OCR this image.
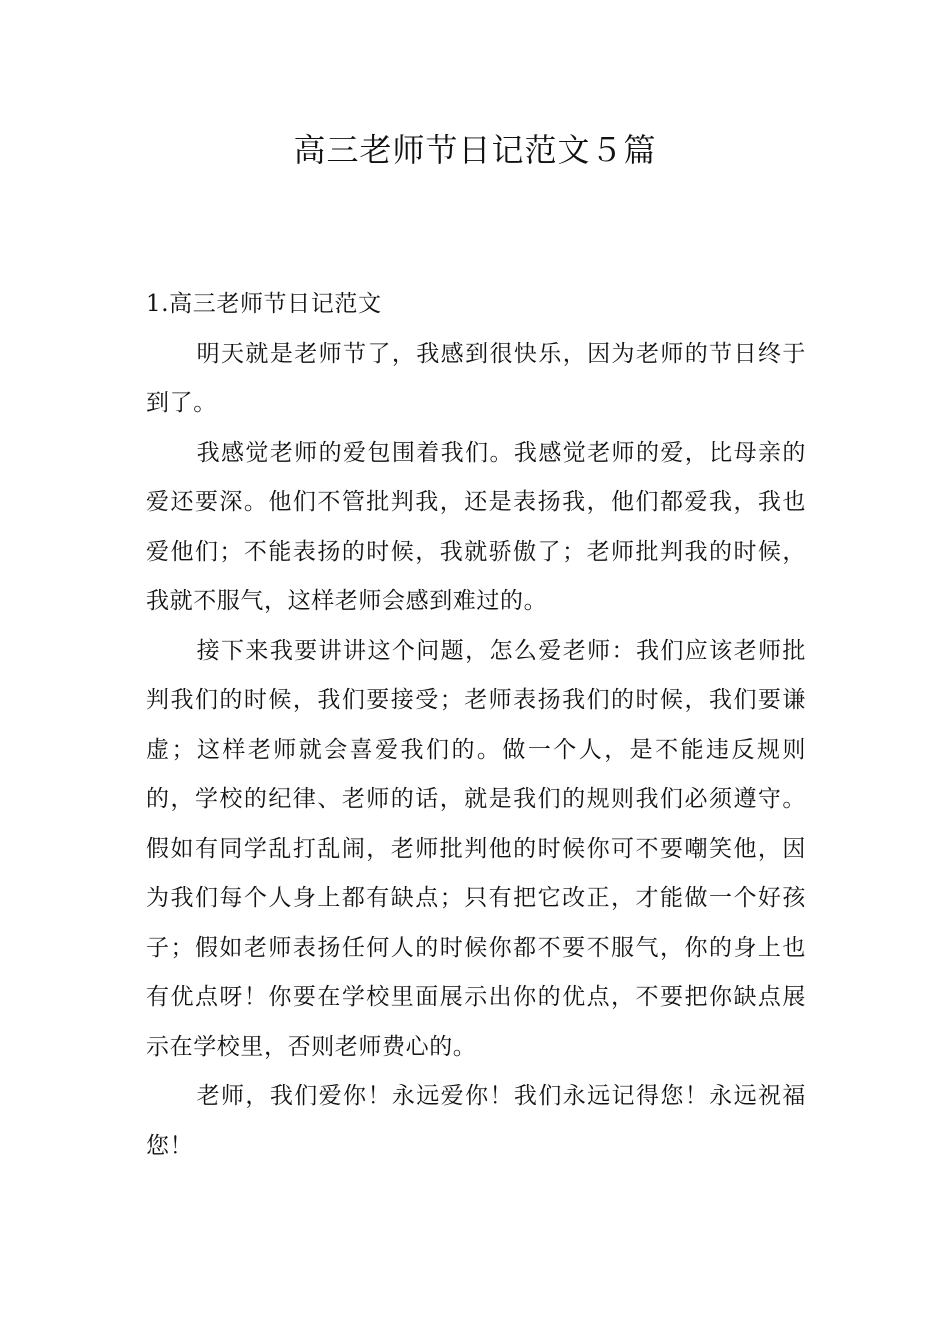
高三老师节日记范文５篇
1.高三老师节日记范文

明天就是老师节了，我感到很快乐，因为老师的节日终于到了。

我感觉老师的爱包围着我们。我感觉老师的爱，比母亲的爱还要深。他们不管批判我，还是表扬我，他们都爱我，我也爱他们；不能表扬的时候，我就骄傲了；老师批判我的时候，我就不服气，这样老师会感到难过的。

接下来我要讲讲这个问题，怎么爱老师：我们应该老师批判我们的时候，我们要接受；老师表扬我们的时候，我们要谦虚；这样老师就会喜爱我们的。做一个人，是不能违反规则的，学校的纪律、老师的话，就是我们的规则我们必须遵守。假如有同学乱打乱闹，老师批判他的时候你可不要嘲笑他，因为我们每个人身上都有缺点；只有把它改正，才能做一个好孩子；假如老师表扬任何人的时候你都不要不服气，你的身上也有优点呀！你要在学校里面展示出你的优点，不要把你缺点展示在学校里，否则老师费心的。

老师，我们爱你！永远爱你！我们永远记得您！永远祝福您！
